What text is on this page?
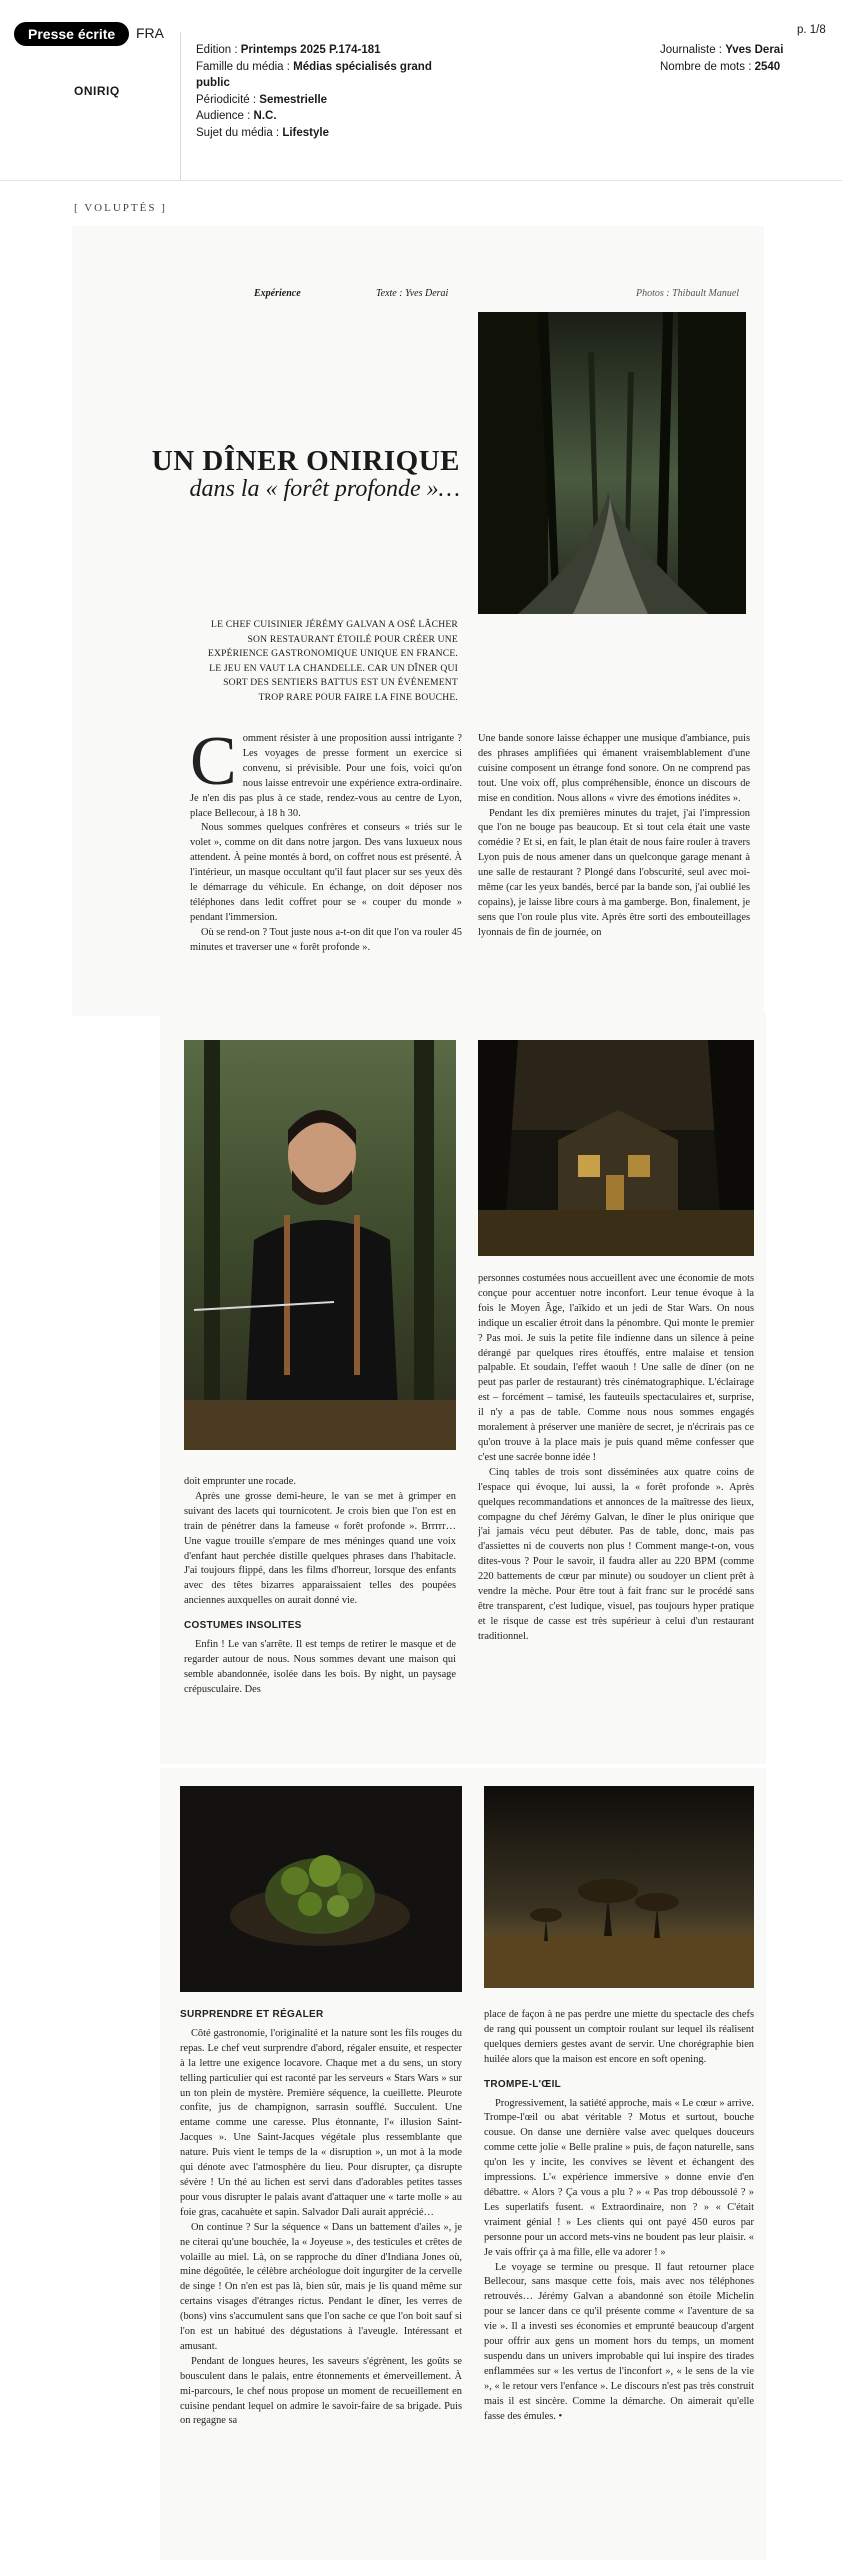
Presse écrite	FRA
ONIRIQ
p. 1/8
Edition : Printemps 2025 P.174-181
Famille du média : Médias spécialisés grand public
Périodicité : Semestrielle
Audience : N.C.
Sujet du média : Lifestyle
Journaliste : Yves Derai
Nombre de mots : 2540
[ VOLUPTÉS ]
Expérience	Texte : Yves Derai	Photos : Thibault Manuel
UN DÎNER ONIRIQUE
dans la « forêt profonde »…
LE CHEF CUISINIER JÉRÉMY GALVAN A OSÉ LÂCHER SON RESTAURANT ÉTOILÉ POUR CRÉER UNE EXPÉRIENCE GASTRONOMIQUE UNIQUE EN FRANCE. LE JEU EN VAUT LA CHANDELLE. CAR UN DÎNER QUI SORT DES SENTIERS BATTUS EST UN ÉVÉNEMENT TROP RARE POUR FAIRE LA FINE BOUCHE.
C omment résister à une proposition aussi intrigante ? Les voyages de presse forment un exercice si convenu, si prévisible. Pour une fois, voici qu'on nous laisse entrevoir une expérience extra-ordinaire. Je n'en dis pas plus à ce stade, rendez-vous au centre de Lyon, place Bellecour, à 18 h 30.

Nous sommes quelques confrères et conseurs « triés sur le volet », comme on dit dans notre jargon. Des vans luxueux nous attendent. À peine montés à bord, on coffret nous est présenté. À l'intérieur, un masque occultant qu'il faut placer sur ses yeux dès le démarrage du véhicule. En échange, on doit déposer nos téléphones dans ledit coffret pour se « couper du monde » pendant l'immersion.

Où se rend-on ? Tout juste nous a-t-on dit que l'on va rouler 45 minutes et traverser une « forêt profonde ».

Une bande sonore laisse échapper une musique d'ambiance, puis des phrases amplifiées qui émanent vraisemblablement d'une cuisine composent un étrange fond sonore. On ne comprend pas tout. Une voix off, plus compréhensible, énonce un discours de mise en condition. Nous allons « vivre des émotions inédites ».

Pendant les dix premières minutes du trajet, j'ai l'impression que l'on ne bouge pas beaucoup. Et si tout cela était une vaste comédie ? Et si, en fait, le plan était de nous faire rouler à travers Lyon puis de nous amener dans un quelconque garage menant à une salle de restaurant ? Plongé dans l'obscurité, seul avec moi-même (car les yeux bandés, bercé par la bande son, j'ai oublié les copains), je laisse libre cours à ma gamberge. Bon, finalement, je sens que l'on roule plus vite. Après être sorti des embouteillages lyonnais de fin de journée, on

doit emprunter une rocade.

Après une grosse demi-heure, le van se met à grimper en suivant des lacets qui tournicotent. Je crois bien que l'on est en train de pénétrer dans la fameuse « forêt profonde ». Brrrrr… Une vague trouille s'empare de mes méninges quand une voix d'enfant haut perchée distille quelques phrases dans l'habitacle. J'ai toujours flippé, dans les films d'horreur, lorsque des enfants avec des têtes bizarres apparaissaient telles des poupées anciennes auxquelles on aurait donné vie.

COSTUMES INSOLITES

Enfin ! Le van s'arrête. Il est temps de retirer le masque et de regarder autour de nous. Nous sommes devant une maison qui semble abandonnée, isolée dans les bois. By night, un paysage crépusculaire. Des

personnes costumées nous accueillent avec une économie de mots conçue pour accentuer notre inconfort. Leur tenue évoque à la fois le Moyen Âge, l'aïkido et un jedi de Star Wars. On nous indique un escalier étroit dans la pénombre. Qui monte le premier ? Pas moi. Je suis la petite file indienne dans un silence à peine dérangé par quelques rires étouffés, entre malaise et tension palpable. Et soudain, l'effet waouh ! Une salle de dîner (on ne peut pas parler de restaurant) très cinématographique. L'éclairage est – forcément – tamisé, les fauteuils spectaculaires et, surprise, il n'y a pas de table. Comme nous nous sommes engagés moralement à préserver une manière de secret, je n'écrirais pas ce qu'on trouve à la place mais je puis quand même confesser que c'est une sacrée bonne idée !

Cinq tables de trois sont disséminées aux quatre coins de l'espace qui évoque, lui aussi, la « forêt profonde ». Après quelques recommandations et annonces de la maîtresse des lieux, compagne du chef Jérémy Galvan, le dîner le plus onirique que j'ai jamais vécu peut débuter. Pas de table, donc, mais pas d'assiettes ni de couverts non plus ! Comment mange-t-on, vous dites-vous ? Pour le savoir, il faudra aller au 220 BPM (comme 220 battements de cœur par minute) ou soudoyer un client prêt à vendre la mèche. Pour être tout à fait franc sur le procédé sans être transparent, c'est ludique, visuel, pas toujours hyper pratique et le risque de casse est très supérieur à celui d'un restaurant traditionnel.

SURPRENDRE ET RÉGALER

Côté gastronomie, l'originalité et la nature sont les fils rouges du repas. Le chef veut surprendre d'abord, régaler ensuite, et respecter à la lettre une exigence locavore. Chaque met a du sens, un story telling particulier qui est raconté par les serveurs « Stars Wars » sur un ton plein de mystère. Première séquence, la cueillette. Pleurote confite, jus de champignon, sarrasin soufflé. Succulent. Une entame comme une caresse. Plus étonnante, l'« illusion Saint-Jacques ». Une Saint-Jacques végétale plus ressemblante que nature. Puis vient le temps de la « disruption », un mot à la mode qui dénote avec l'atmosphère du lieu. Pour disrupter, ça disrupte sévère ! Un thé au lichen est servi dans d'adorables petites tasses pour vous disrupter le palais avant d'attaquer une « tarte molle » au foie gras, cacahuète et sapin. Salvador Dali aurait apprécié…

On continue ? Sur la séquence « Dans un battement d'ailes », je ne citerai qu'une bouchée, la « Joyeuse », des testicules et crêtes de volaille au miel. Là, on se rapproche du dîner d'Indiana Jones où, mine dégoûtée, le célèbre archéologue doit ingurgiter de la cervelle de singe ! On n'en est pas là, bien sûr, mais je lis quand même sur certains visages d'étranges rictus. Pendant le dîner, les verres de (bons) vins s'accumulent sans que l'on sache ce que l'on boit sauf si l'on est un habitué des dégustations à l'aveugle. Intéressant et amusant.

Pendant de longues heures, les saveurs s'égrènent, les goûts se bousculent dans le palais, entre étonnements et émerveillement. À mi-parcours, le chef nous propose un moment de recueillement en cuisine pendant lequel on admire le savoir-faire de sa brigade. Puis on regagne sa

place de façon à ne pas perdre une miette du spectacle des chefs de rang qui poussent un comptoir roulant sur lequel ils réalisent quelques derniers gestes avant de servir. Une chorégraphie bien huilée alors que la maison est encore en soft opening.

TROMPE-L'ŒIL

Progressivement, la satiété approche, mais « Le cœur » arrive. Trompe-l'œil ou abat véritable ? Motus et surtout, bouche cousue. On danse une dernière valse avec quelques douceurs comme cette jolie « Belle praline » puis, de façon naturelle, sans qu'on les y incite, les convives se lèvent et échangent des impressions. L'« expérience immersive » donne envie d'en débattre. « Alors ? Ça vous a plu ? » « Pas trop déboussolé ? » Les superlatifs fusent. « Extraordinaire, non ? » « C'était vraiment génial ! » Les clients qui ont payé 450 euros par personne pour un accord mets-vins ne boudent pas leur plaisir. « Je vais offrir ça à ma fille, elle va adorer ! »

Le voyage se termine ou presque. Il faut retourner place Bellecour, sans masque cette fois, mais avec nos téléphones retrouvés… Jérémy Galvan a abandonné son étoile Michelin pour se lancer dans ce qu'il présente comme « l'aventure de sa vie ». Il a investi ses économies et emprunté beaucoup d'argent pour offrir aux gens un moment hors du temps, un moment suspendu dans un univers improbable qui lui inspire des tirades enflammées sur « les vertus de l'inconfort », « le sens de la vie », « le retour vers l'enfance ». Le discours n'est pas très construit mais il est sincère. Comme la démarche. On aimerait qu'elle fasse des émules. •
